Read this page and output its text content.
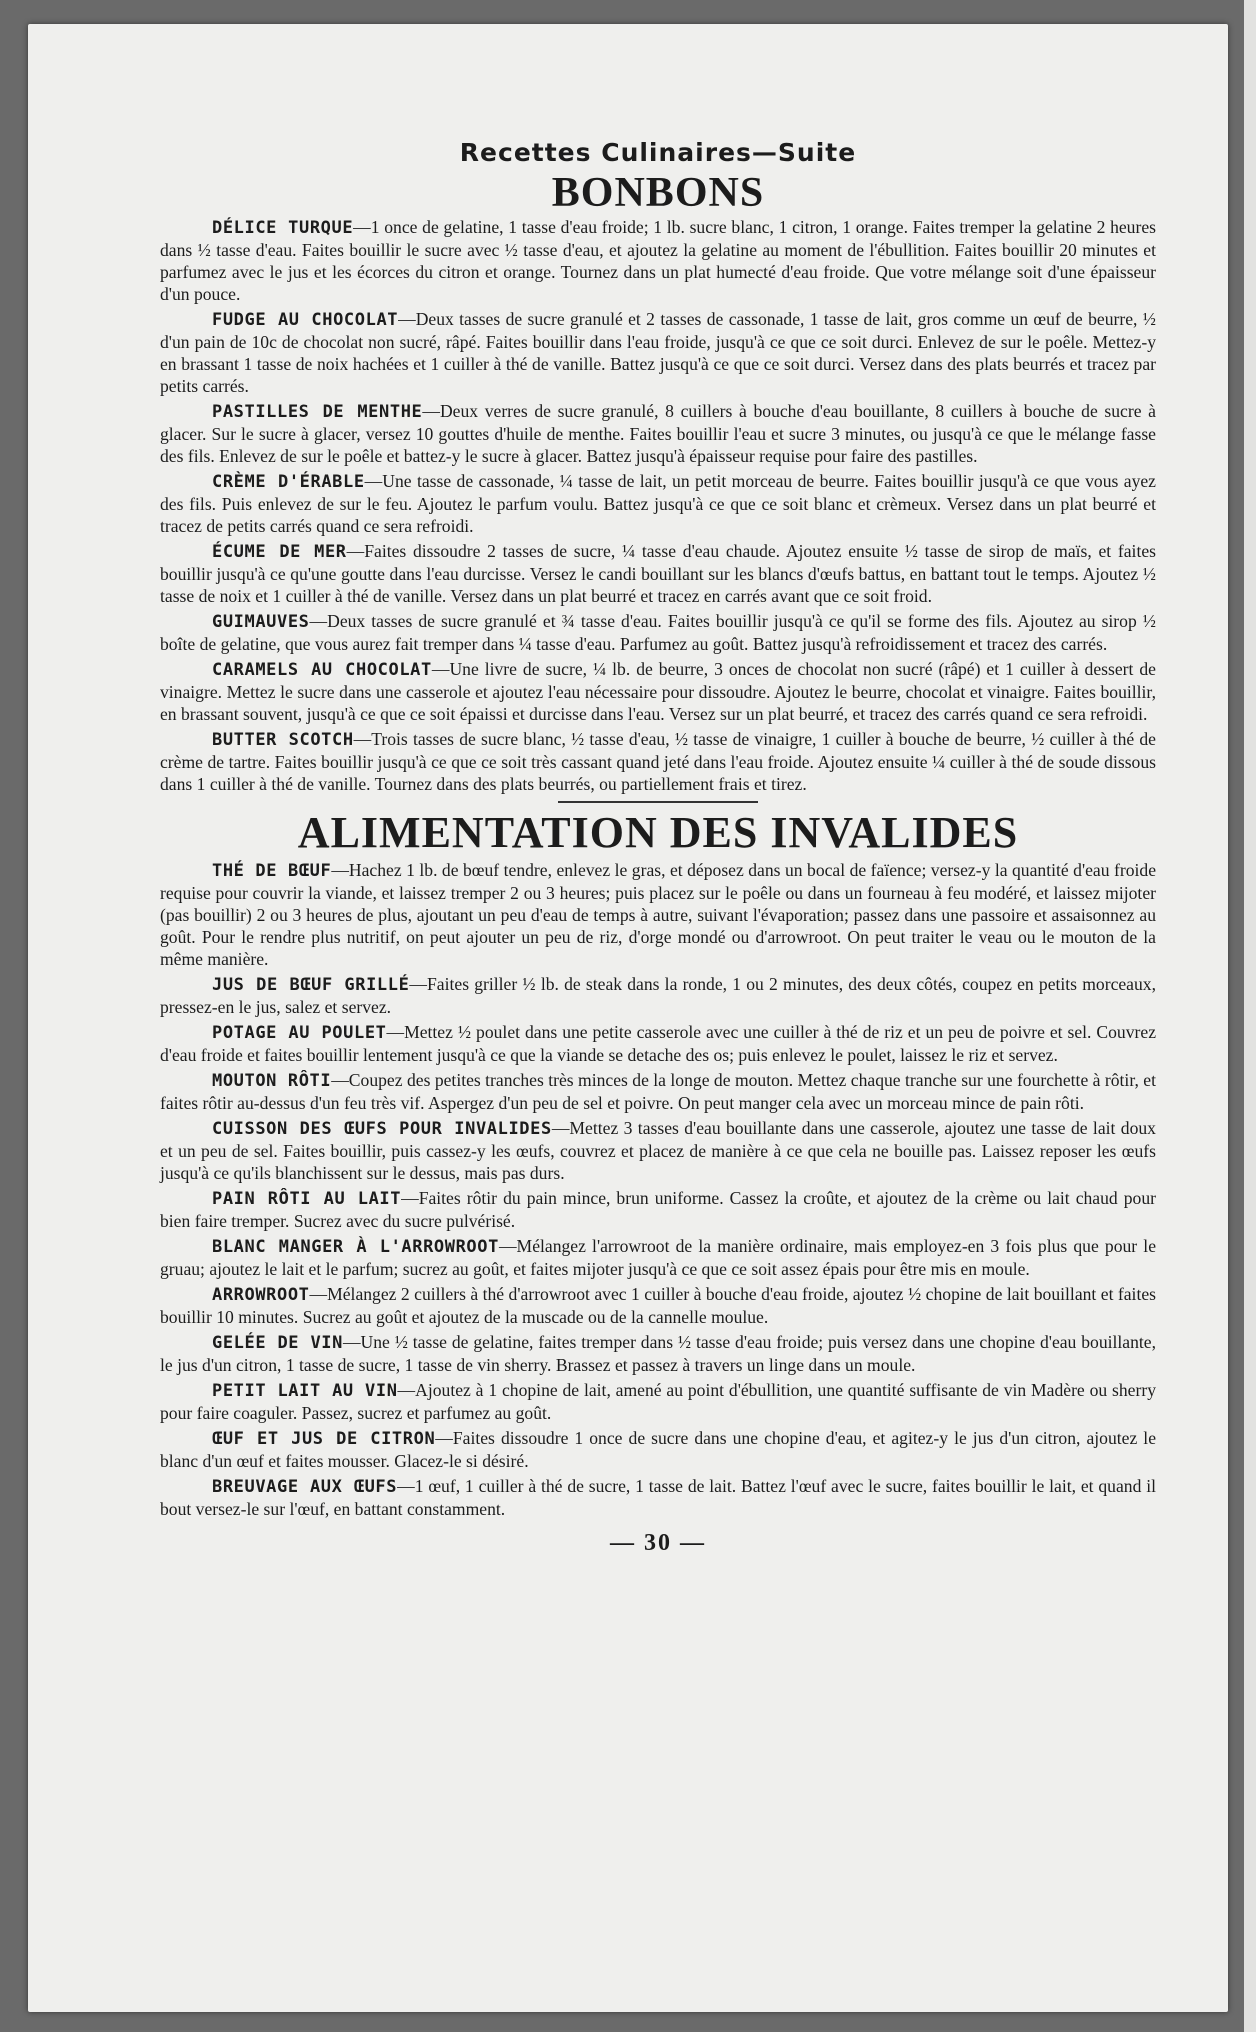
Recettes Culinaires—Suite

BONBONS

DÉLICE TURQUE—1 once de gelatine, 1 tasse d'eau froide; 1 lb. sucre blanc, 1 citron, 1 orange. Faites tremper la gelatine 2 heures dans ½ tasse d'eau. Faites bouillir le sucre avec ½ tasse d'eau, et ajoutez la gelatine au moment de l'ébullition. Faites bouillir 20 minutes et parfumez avec le jus et les écorces du citron et orange. Tournez dans un plat humecté d'eau froide. Que votre mélange soit d'une épaisseur d'un pouce.

FUDGE AU CHOCOLAT—Deux tasses de sucre granulé et 2 tasses de cassonade, 1 tasse de lait, gros comme un œuf de beurre, ½ d'un pain de 10c de chocolat non sucré, râpé. Faites bouillir dans l'eau froide, jusqu'à ce que ce soit durci. Enlevez de sur le poêle. Mettez-y en brassant 1 tasse de noix hachées et 1 cuiller à thé de vanille. Battez jusqu'à ce que ce soit durci. Versez dans des plats beurrés et tracez par petits carrés.

PASTILLES DE MENTHE—Deux verres de sucre granulé, 8 cuillers à bouche d'eau bouillante, 8 cuillers à bouche de sucre à glacer. Sur le sucre à glacer, versez 10 gouttes d'huile de menthe. Faites bouillir l'eau et sucre 3 minutes, ou jusqu'à ce que le mélange fasse des fils. Enlevez de sur le poêle et battez-y le sucre à glacer. Battez jusqu'à épaisseur requise pour faire des pastilles.

CRÈME D'ÉRABLE—Une tasse de cassonade, ¼ tasse de lait, un petit morceau de beurre. Faites bouillir jusqu'à ce que vous ayez des fils. Puis enlevez de sur le feu. Ajoutez le parfum voulu. Battez jusqu'à ce que ce soit blanc et crèmeux. Versez dans un plat beurré et tracez de petits carrés quand ce sera refroidi.

ÉCUME DE MER—Faites dissoudre 2 tasses de sucre, ¼ tasse d'eau chaude. Ajoutez ensuite ½ tasse de sirop de maïs, et faites bouillir jusqu'à ce qu'une goutte dans l'eau durcisse. Versez le candi bouillant sur les blancs d'œufs battus, en battant tout le temps. Ajoutez ½ tasse de noix et 1 cuiller à thé de vanille. Versez dans un plat beurré et tracez en carrés avant que ce soit froid.

GUIMAUVES—Deux tasses de sucre granulé et ¾ tasse d'eau. Faites bouillir jusqu'à ce qu'il se forme des fils. Ajoutez au sirop ½ boîte de gelatine, que vous aurez fait tremper dans ¼ tasse d'eau. Parfumez au goût. Battez jusqu'à refroidissement et tracez des carrés.

CARAMELS AU CHOCOLAT—Une livre de sucre, ¼ lb. de beurre, 3 onces de chocolat non sucré (râpé) et 1 cuiller à dessert de vinaigre. Mettez le sucre dans une casserole et ajoutez l'eau nécessaire pour dissoudre. Ajoutez le beurre, chocolat et vinaigre. Faites bouillir, en brassant souvent, jusqu'à ce que ce soit épaissi et durcisse dans l'eau. Versez sur un plat beurré, et tracez des carrés quand ce sera refroidi.

BUTTER SCOTCH—Trois tasses de sucre blanc, ½ tasse d'eau, ½ tasse de vinaigre, 1 cuiller à bouche de beurre, ½ cuiller à thé de crème de tartre. Faites bouillir jusqu'à ce que ce soit très cassant quand jeté dans l'eau froide. Ajoutez ensuite ¼ cuiller à thé de soude dissous dans 1 cuiller à thé de vanille. Tournez dans des plats beurrés, ou partiellement frais et tirez.

ALIMENTATION DES INVALIDES

THÉ DE BŒUF—Hachez 1 lb. de bœuf tendre, enlevez le gras, et déposez dans un bocal de faïence; versez-y la quantité d'eau froide requise pour couvrir la viande, et laissez tremper 2 ou 3 heures; puis placez sur le poêle ou dans un fourneau à feu modéré, et laissez mijoter (pas bouillir) 2 ou 3 heures de plus, ajoutant un peu d'eau de temps à autre, suivant l'évaporation; passez dans une passoire et assaisonnez au goût. Pour le rendre plus nutritif, on peut ajouter un peu de riz, d'orge mondé ou d'arrowroot. On peut traiter le veau ou le mouton de la même manière.

JUS DE BŒUF GRILLÉ—Faites griller ½ lb. de steak dans la ronde, 1 ou 2 minutes, des deux côtés, coupez en petits morceaux, pressez-en le jus, salez et servez.

POTAGE AU POULET—Mettez ½ poulet dans une petite casserole avec une cuiller à thé de riz et un peu de poivre et sel. Couvrez d'eau froide et faites bouillir lentement jusqu'à ce que la viande se detache des os; puis enlevez le poulet, laissez le riz et servez.

MOUTON RÔTI—Coupez des petites tranches très minces de la longe de mouton. Mettez chaque tranche sur une fourchette à rôtir, et faites rôtir au-dessus d'un feu très vif. Aspergez d'un peu de sel et poivre. On peut manger cela avec un morceau mince de pain rôti.

CUISSON DES ŒUFS POUR INVALIDES—Mettez 3 tasses d'eau bouillante dans une casserole, ajoutez une tasse de lait doux et un peu de sel. Faites bouillir, puis cassez-y les œufs, couvrez et placez de manière à ce que cela ne bouille pas. Laissez reposer les œufs jusqu'à ce qu'ils blanchissent sur le dessus, mais pas durs.

PAIN RÔTI AU LAIT—Faites rôtir du pain mince, brun uniforme. Cassez la croûte, et ajoutez de la crème ou lait chaud pour bien faire tremper. Sucrez avec du sucre pulvérisé.

BLANC MANGER À L'ARROWROOT—Mélangez l'arrowroot de la manière ordinaire, mais employez-en 3 fois plus que pour le gruau; ajoutez le lait et le parfum; sucrez au goût, et faites mijoter jusqu'à ce que ce soit assez épais pour être mis en moule.

ARROWROOT—Mélangez 2 cuillers à thé d'arrowroot avec 1 cuiller à bouche d'eau froide, ajoutez ½ chopine de lait bouillant et faites bouillir 10 minutes. Sucrez au goût et ajoutez de la muscade ou de la cannelle moulue.

GELÉE DE VIN—Une ½ tasse de gelatine, faites tremper dans ½ tasse d'eau froide; puis versez dans une chopine d'eau bouillante, le jus d'un citron, 1 tasse de sucre, 1 tasse de vin sherry. Brassez et passez à travers un linge dans un moule.

PETIT LAIT AU VIN—Ajoutez à 1 chopine de lait, amené au point d'ébullition, une quantité suffisante de vin Madère ou sherry pour faire coaguler. Passez, sucrez et parfumez au goût.

ŒUF ET JUS DE CITRON—Faites dissoudre 1 once de sucre dans une chopine d'eau, et agitez-y le jus d'un citron, ajoutez le blanc d'un œuf et faites mousser. Glacez-le si désiré.

BREUVAGE AUX ŒUFS—1 œuf, 1 cuiller à thé de sucre, 1 tasse de lait. Battez l'œuf avec le sucre, faites bouillir le lait, et quand il bout versez-le sur l'œuf, en battant constamment.

— 30 —
